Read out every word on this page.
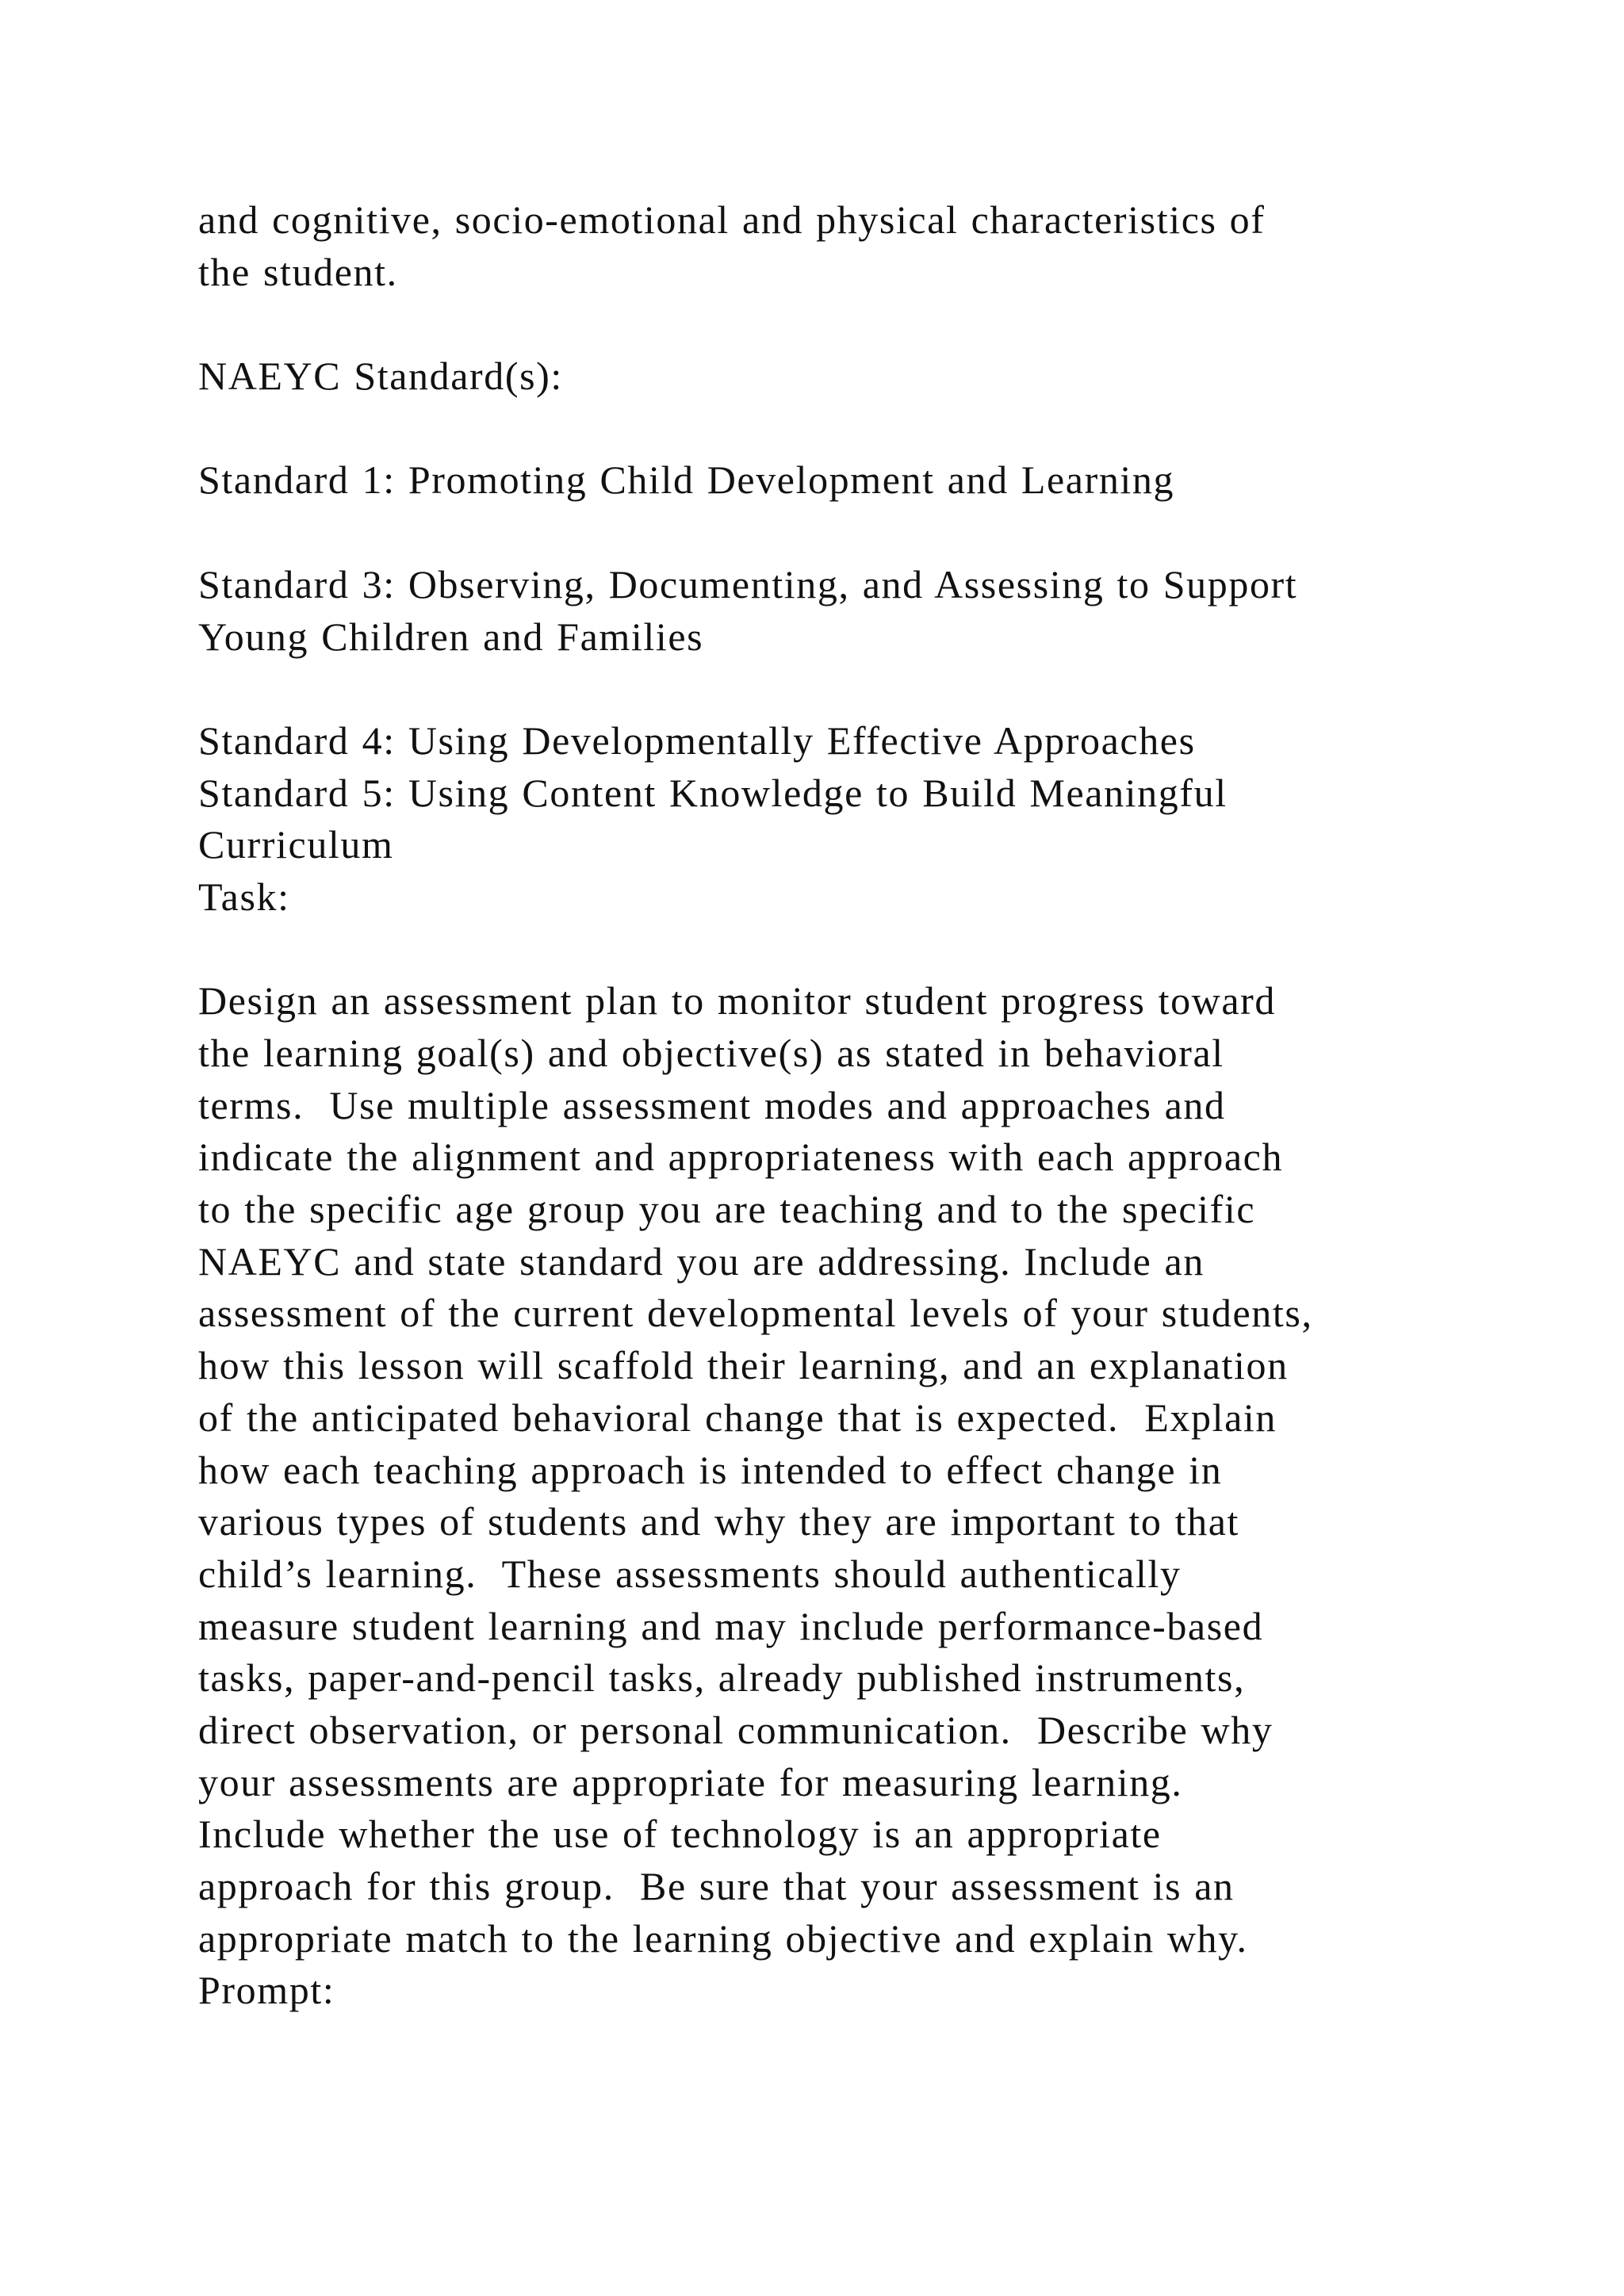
and cognitive, socio-emotional and physical characteristics of
the student.
NAEYC Standard(s):
Standard 1: Promoting Child Development and Learning
Standard 3: Observing, Documenting, and Assessing to Support
Young Children and Families
Standard 4: Using Developmentally Effective Approaches
Standard 5: Using Content Knowledge to Build Meaningful
Curriculum
Task:
Design an assessment plan to monitor student progress toward
the learning goal(s) and objective(s) as stated in behavioral
terms.  Use multiple assessment modes and approaches and
indicate the alignment and appropriateness with each approach
to the specific age group you are teaching and to the specific
NAEYC and state standard you are addressing. Include an
assessment of the current developmental levels of your students,
how this lesson will scaffold their learning, and an explanation
of the anticipated behavioral change that is expected.  Explain
how each teaching approach is intended to effect change in
various types of students and why they are important to that
child’s learning.  These assessments should authentically
measure student learning and may include performance-based
tasks, paper-and-pencil tasks, already published instruments,
direct observation, or personal communication.  Describe why
your assessments are appropriate for measuring learning.
Include whether the use of technology is an appropriate
approach for this group.  Be sure that your assessment is an
appropriate match to the learning objective and explain why.
Prompt:
